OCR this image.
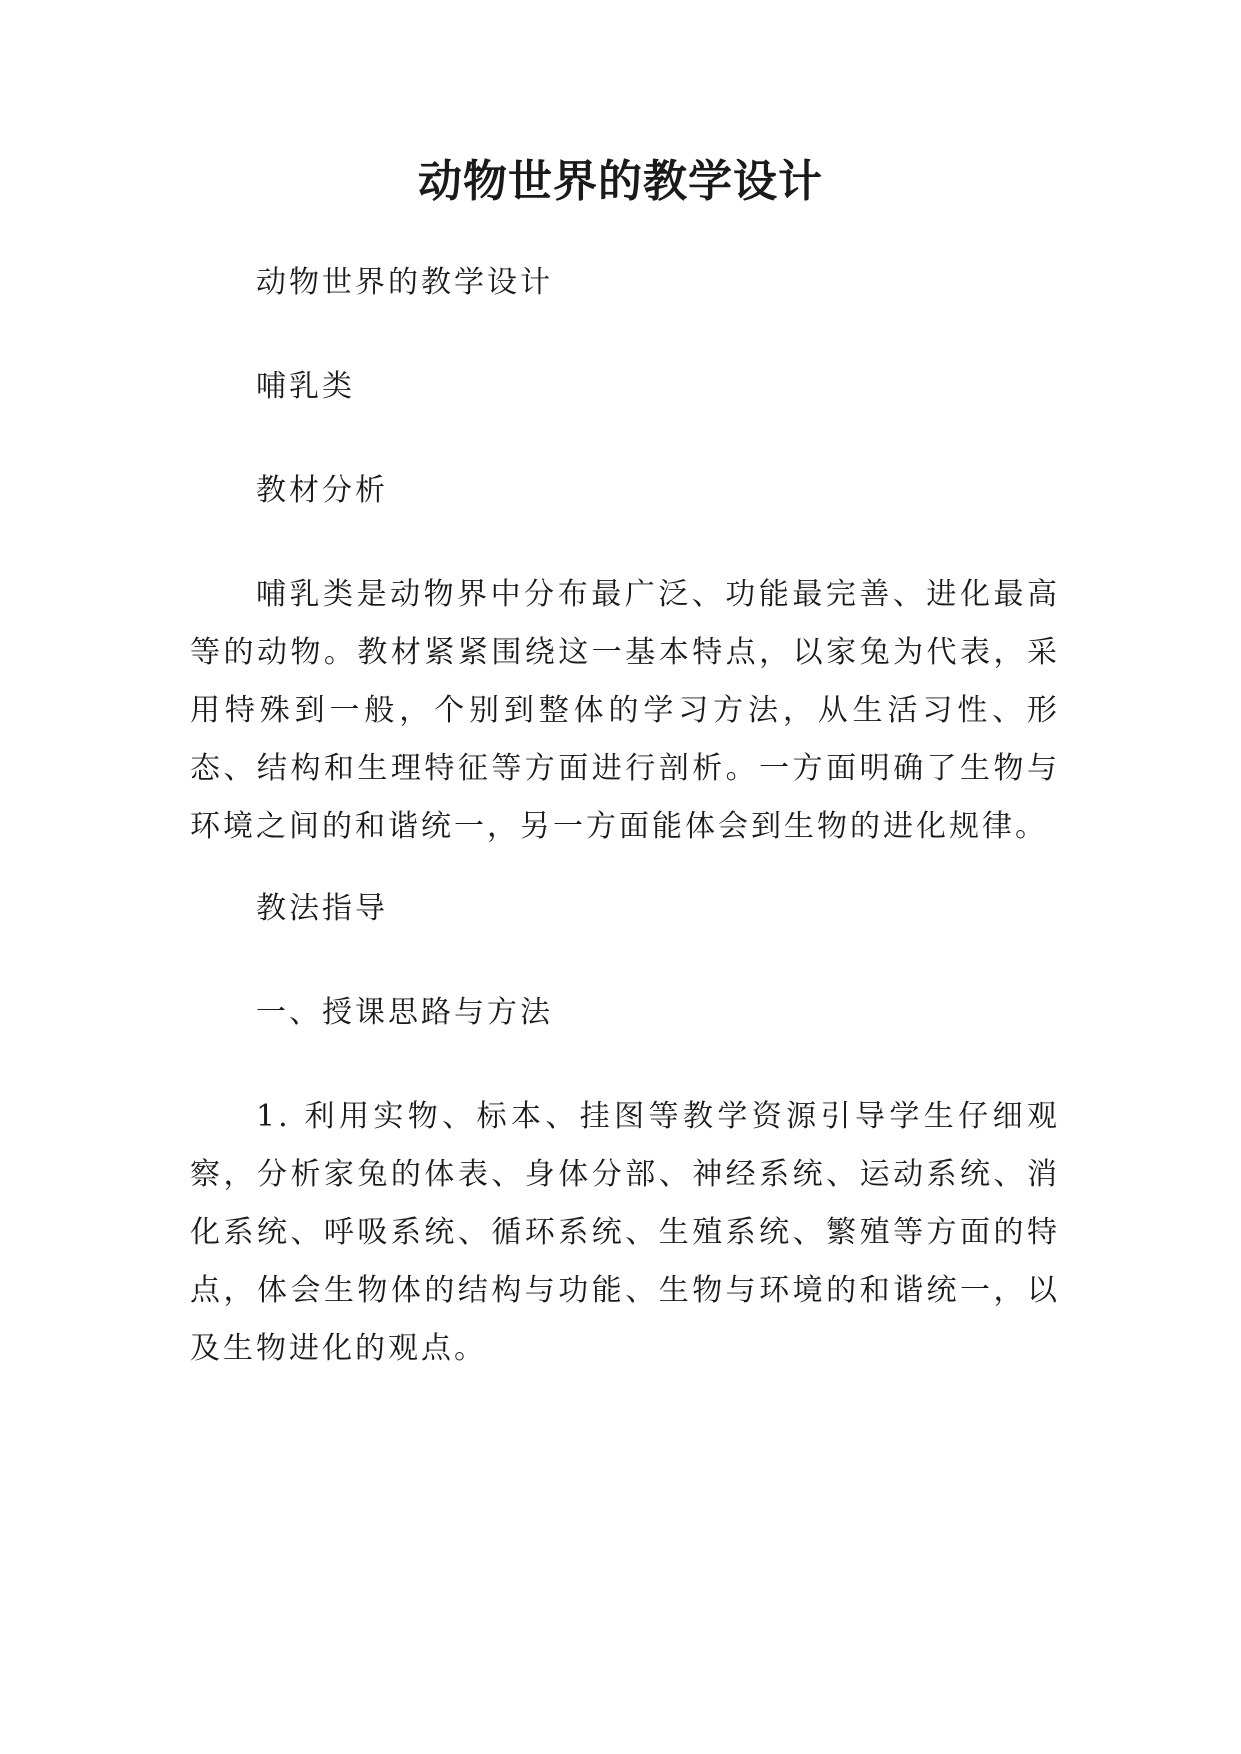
动物世界的教学设计

动物世界的教学设计

哺乳类

教材分析

哺乳类是动物界中分布最广泛、功能最完善、进化最高等的动物。教材紧紧围绕这一基本特点，以家兔为代表，采用特殊到一般，个别到整体的学习方法，从生活习性、形态、结构和生理特征等方面进行剖析。一方面明确了生物与环境之间的和谐统一，另一方面能体会到生物的进化规律。

教法指导

一、授课思路与方法

1. 利用实物、标本、挂图等教学资源引导学生仔细观察，分析家兔的体表、身体分部、神经系统、运动系统、消化系统、呼吸系统、循环系统、生殖系统、繁殖等方面的特点，体会生物体的结构与功能、生物与环境的和谐统一，以及生物进化的观点。
